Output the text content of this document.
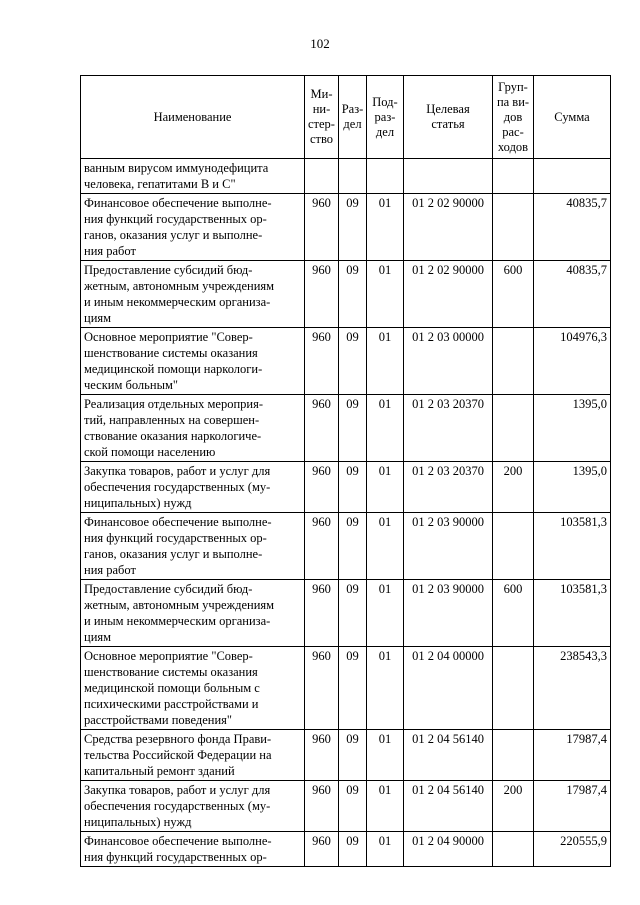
102
Наименование	Ми-
ни-
стер-
ство	Раз-
дел	Под-
раз-
дел	Целевая
статья	Груп-
па ви-
дов
рас-
ходов	Сумма
ванным вирусом иммунодефицита
человека, гепатитами В и С"						
Финансовое обеспечение выполне-
ния функций государственных ор-
ганов, оказания услуг и выполне-
ния работ	960	09	01	01 2 02 90000		40835,7
Предоставление субсидий бюд-
жетным, автономным учреждениям
и иным некоммерческим организа-
циям	960	09	01	01 2 02 90000	600	40835,7
Основное мероприятие "Совер-
шенствование системы оказания
медицинской помощи наркологи-
ческим больным"	960	09	01	01 2 03 00000		104976,3
Реализация отдельных мероприя-
тий, направленных на совершен-
ствование оказания наркологиче-
ской помощи населению	960	09	01	01 2 03 20370		1395,0
Закупка товаров, работ и услуг для
обеспечения государственных (му-
ниципальных) нужд	960	09	01	01 2 03 20370	200	1395,0
Финансовое обеспечение выполне-
ния функций государственных ор-
ганов, оказания услуг и выполне-
ния работ	960	09	01	01 2 03 90000		103581,3
Предоставление субсидий бюд-
жетным, автономным учреждениям
и иным некоммерческим организа-
циям	960	09	01	01 2 03 90000	600	103581,3
Основное мероприятие "Совер-
шенствование системы оказания
медицинской помощи больным с
психическими расстройствами и
расстройствами поведения"	960	09	01	01 2 04 00000		238543,3
Средства резервного фонда Прави-
тельства Российской Федерации на
капитальный ремонт зданий	960	09	01	01 2 04 56140		17987,4
Закупка товаров, работ и услуг для
обеспечения государственных (му-
ниципальных) нужд	960	09	01	01 2 04 56140	200	17987,4
Финансовое обеспечение выполне-
ния функций государственных ор-	960	09	01	01 2 04 90000		220555,9
